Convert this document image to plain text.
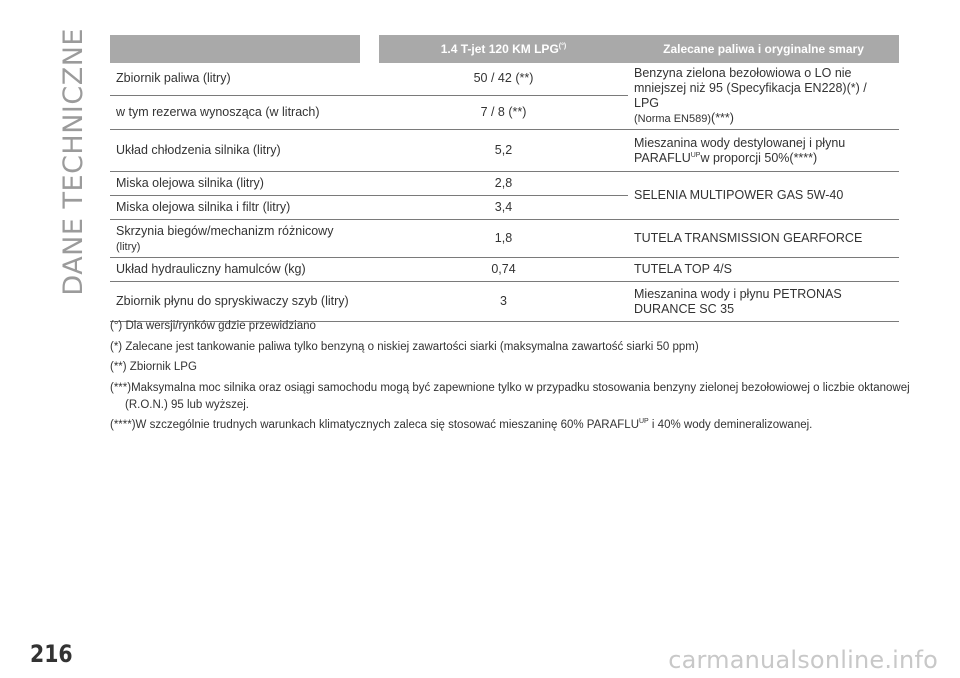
DANE TECHNICZNE
			1.4 T-jet 120 KM LPG(°)	Zalecane paliwa i oryginalne smary
Zbiornik paliwa (litry)		50 / 42 (**)	Benzyna zielona bezołowiowa o LO nie
mniejszej niż 95 (Specyfikacja EN228)(*) / LPG
(Norma EN589)(***)
w tym rezerwa wynosząca (w litrach)		7 / 8 (**)	
Układ chłodzenia silnika (litry)		5,2	Mieszanina wody destylowanej i płynu
$PARAFLU^{UP}w$ proporcji 50%(****)
Miska olejowa silnika (litry)		2,8	SELENIA MULTIPOWER GAS 5W-40
Miska olejowa silnika i filtr (litry)		3,4	
Skrzynia biegów/mechanizm różnicowy
(litry)		1,8	TUTELA TRANSMISSION GEARFORCE
Układ hydrauliczny hamulców (kg)		0,74	TUTELA TOP 4/S
Zbiornik płynu do spryskiwaczy szyb (litry)		3	Mieszanina wody i płynu PETRONAS
DURANCE SC 35

(°) Dla wersji/rynków gdzie przewidziano

(*) Zalecane jest tankowanie paliwa tylko benzyną o niskiej zawartości siarki (maksymalna zawartość siarki 50 ppm)

(**) Zbiornik LPG

(***)Maksymalna moc silnika oraz osiągi samochodu mogą być zapewnione tylko w przypadku stosowania benzyny zielonej bezołowiowej o liczbie oktanowej

(R.O.N.) 95 lub wyższej.

(****)W szczególnie trudnych warunkach klimatycznych zaleca się stosować mieszaninę 60% $PARAFLU^{UP}$ i 40% wody demineralizowanej.

216	carmanualsonline.info
